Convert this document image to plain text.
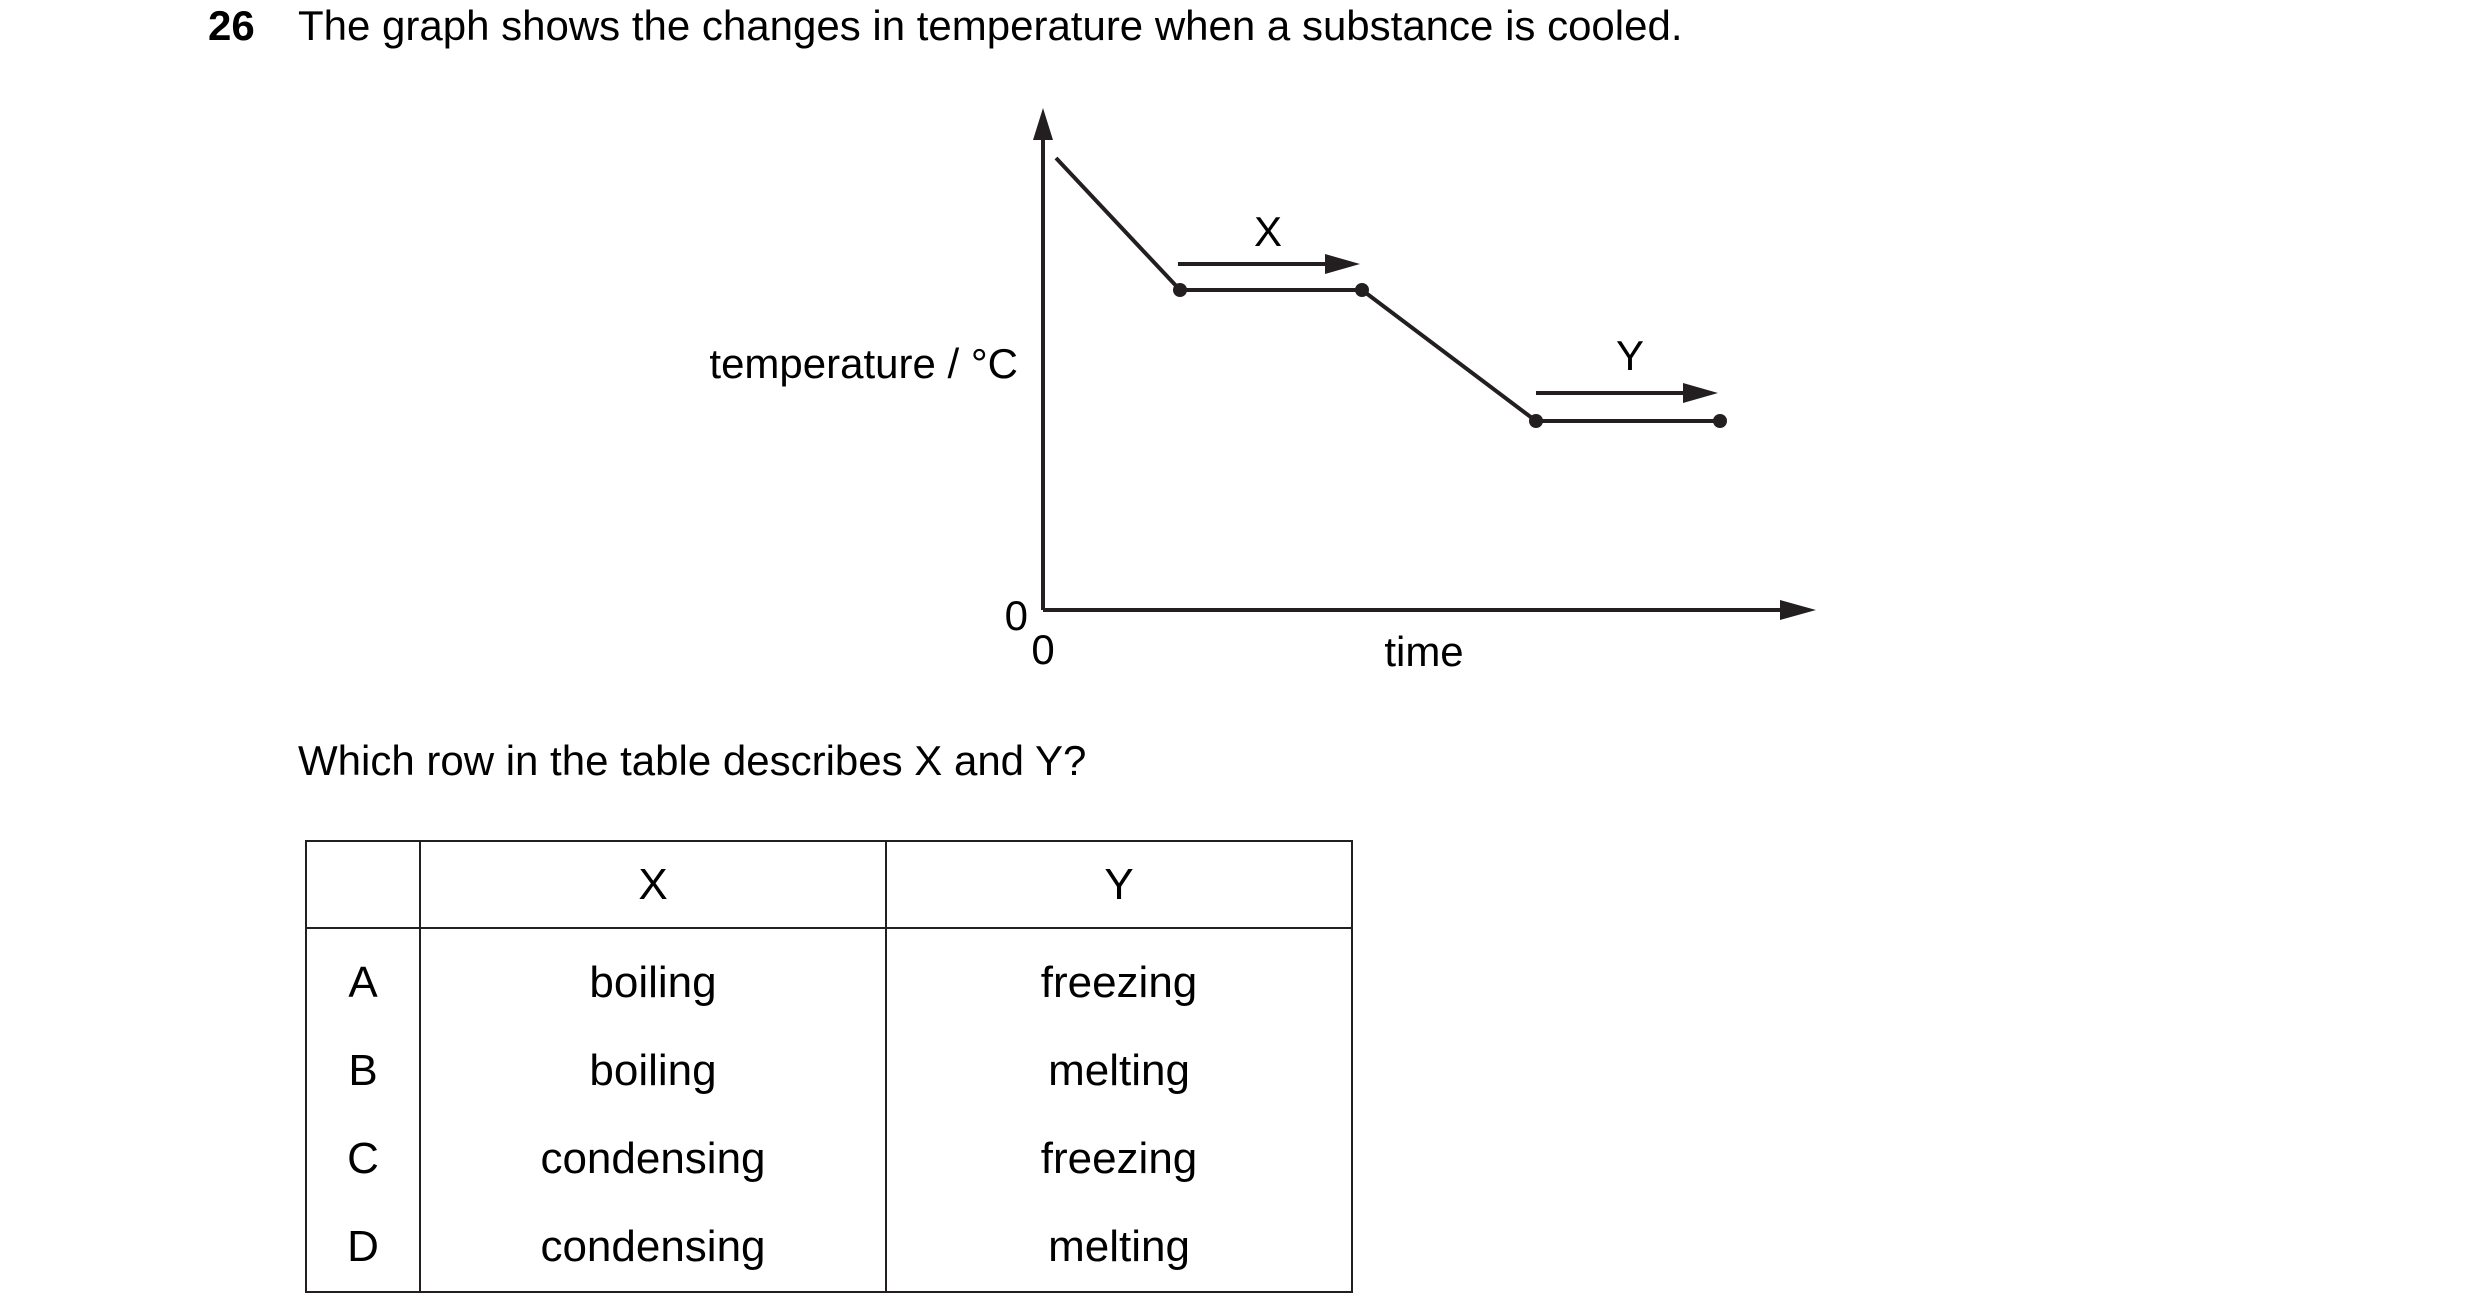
26 The graph shows the changes in temperature when a substance is cooled.
X
Y
temperature / °C
time
0
0
Which row in the table describes X and Y?
	X	Y
A	boiling	freezing
B	boiling	melting
C	condensing	freezing
D	condensing	melting
